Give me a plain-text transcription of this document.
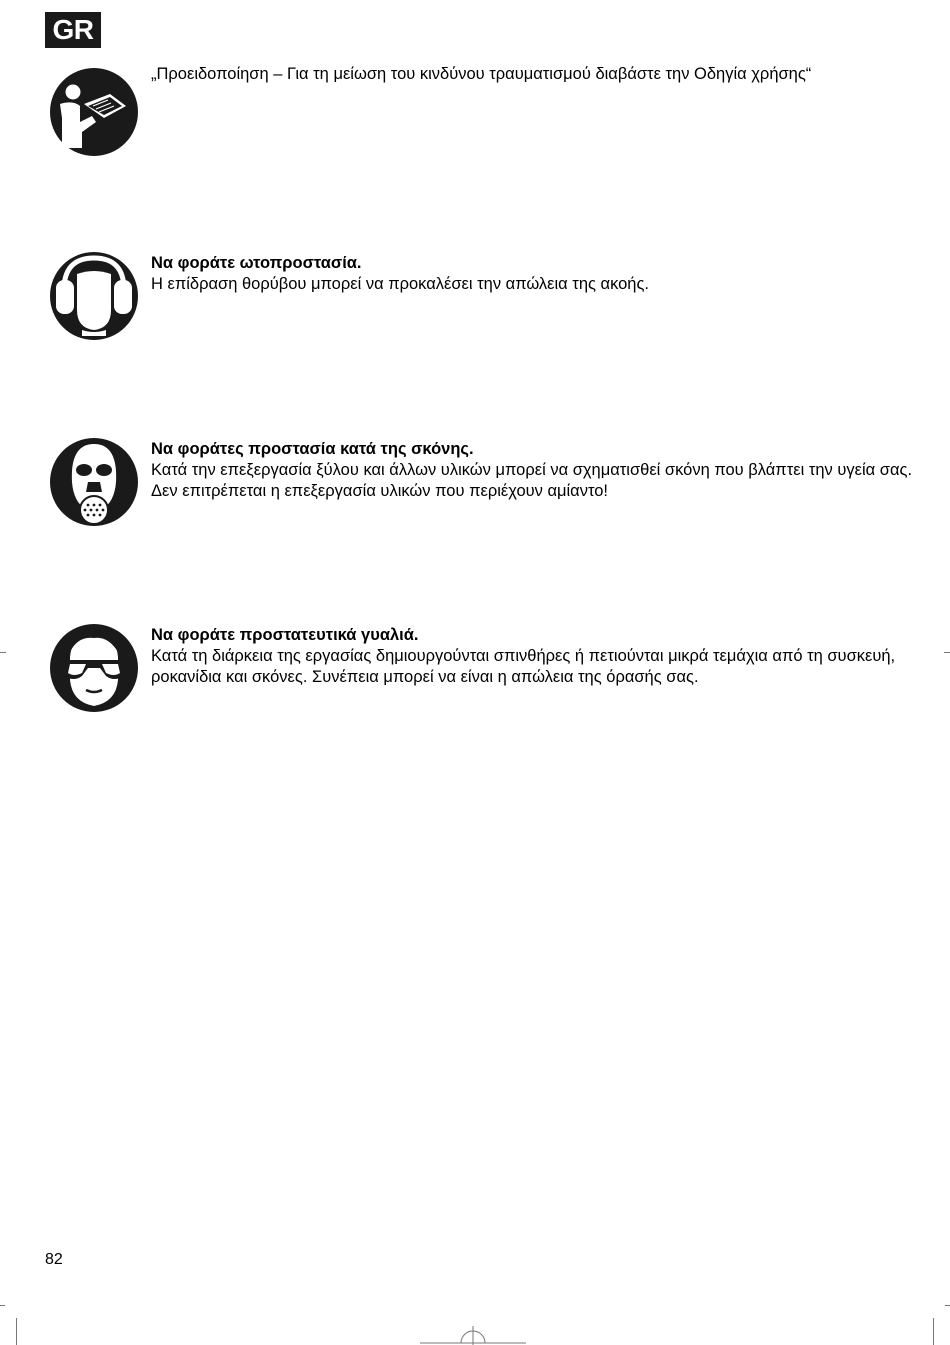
GR
„Προειδοποίηση – Για τη μείωση του κινδύνου τραυματισμού διαβάστε την Οδηγία χρήσης“
Να φοράτε ωτοπροστασία.
Η επίδραση θορύβου μπορεί να προκαλέσει την απώλεια της ακοής.
Να φοράτες προστασία κατά της σκόνης.
Κατά την επεξεργασία ξύλου και άλλων υλικών μπορεί να σχηματισθεί σκόνη που βλάπτει την υγεία σας. Δεν επιτρέπεται η επεξεργασία υλικών που περιέχουν αμίαντο!
Να φοράτε προστατευτικά γυαλιά.
Κατά τη διάρκεια της εργασίας δημιουργούνται σπινθήρες ή πετιούνται μικρά τεμάχια από τη συσκευή, ροκανίδια και σκόνες. Συνέπεια μπορεί να είναι η απώλεια της όρασής σας.
82
